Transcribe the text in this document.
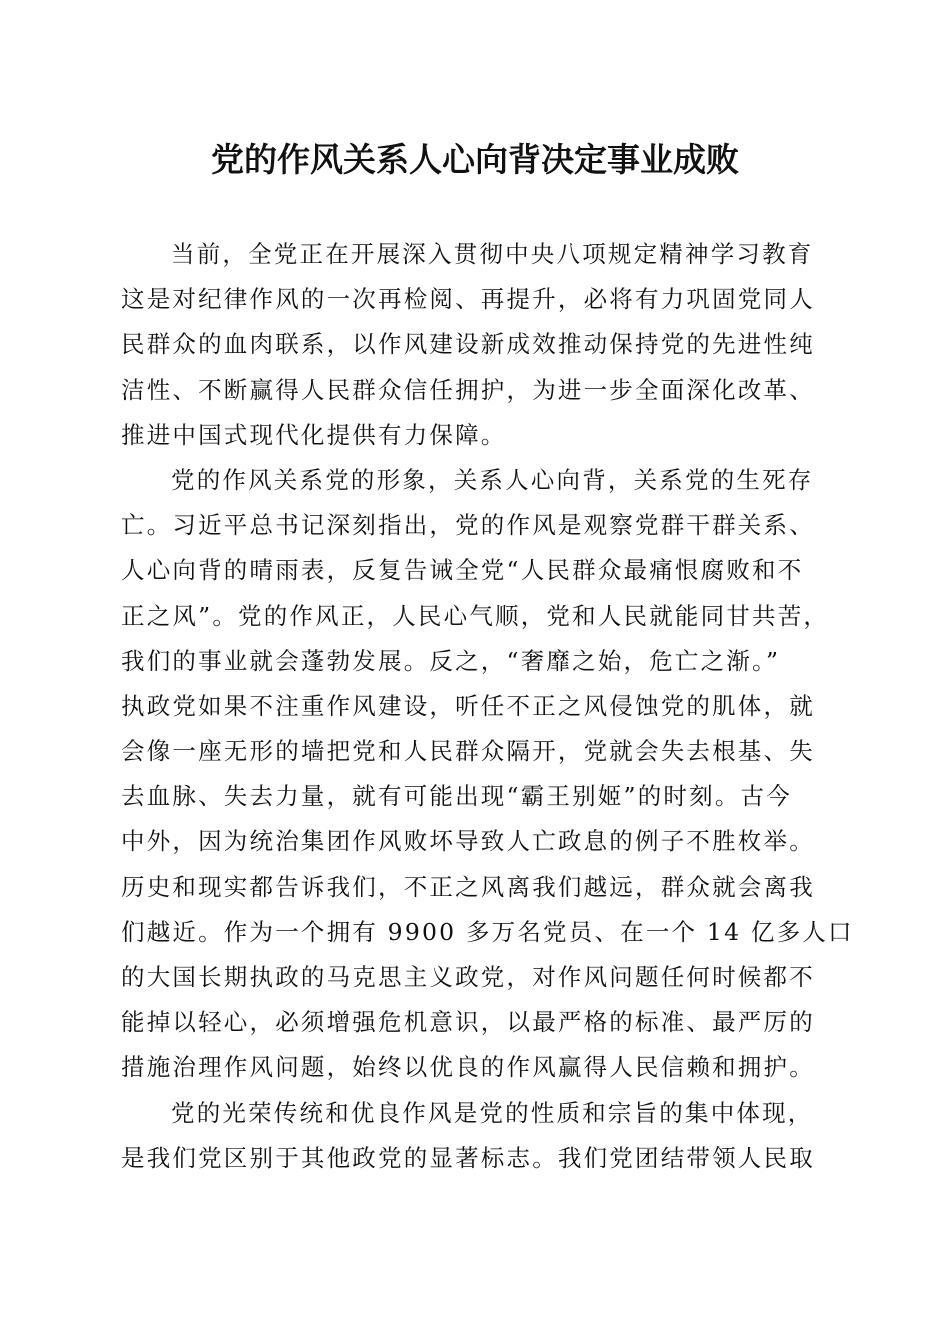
党的作风关系人心向背决定事业成败
当前，全党正在开展深入贯彻中央八项规定精神学习教育
这是对纪律作风的一次再检阅、再提升，必将有力巩固党同人
民群众的血肉联系，以作风建设新成效推动保持党的先进性纯
洁性、不断赢得人民群众信任拥护，为进一步全面深化改革、
推进中国式现代化提供有力保障。
党的作风关系党的形象，关系人心向背，关系党的生死存
亡。习近平总书记深刻指出，党的作风是观察党群干群关系、
人心向背的晴雨表，反复告诫全党“人民群众最痛恨腐败和不
正之风”。党的作风正，人民心气顺，党和人民就能同甘共苦，
我们的事业就会蓬勃发展。反之，“奢靡之始，危亡之渐。”
执政党如果不注重作风建设，听任不正之风侵蚀党的肌体，就
会像一座无形的墙把党和人民群众隔开，党就会失去根基、失
去血脉、失去力量，就有可能出现“霸王别姬”的时刻。古今
中外，因为统治集团作风败坏导致人亡政息的例子不胜枚举。
历史和现实都告诉我们，不正之风离我们越远，群众就会离我
们越近。作为一个拥有 9900 多万名党员、在一个 14 亿多人口
的大国长期执政的马克思主义政党，对作风问题任何时候都不
能掉以轻心，必须增强危机意识，以最严格的标准、最严厉的
措施治理作风问题，始终以优良的作风赢得人民信赖和拥护。
党的光荣传统和优良作风是党的性质和宗旨的集中体现，
是我们党区别于其他政党的显著标志。我们党团结带领人民取
